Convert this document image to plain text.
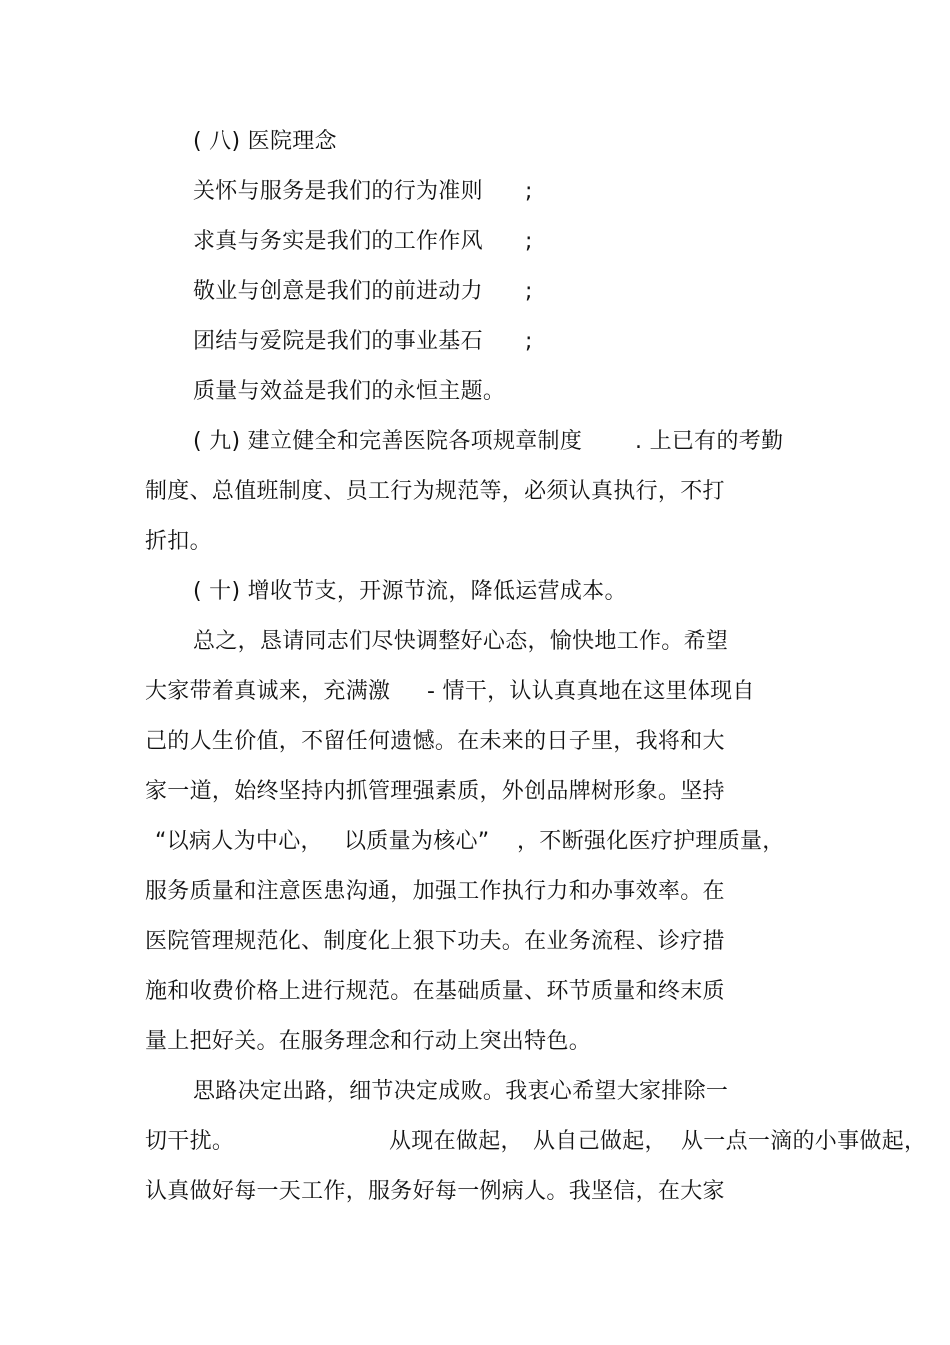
( 八) 医院理念

关怀与服务是我们的行为准则

;

求真与务实是我们的工作作风

;

敬业与创意是我们的前进动力

;

团结与爱院是我们的事业基石

;

质量与效益是我们的永恒主题。

( 九) 建立健全和完善医院各项规章制度

. 上已有的考勤

制度、总值班制度、员工行为规范等，必须认真执行，不打

折扣。

( 十) 增收节支，开源节流，降低运营成本。

总之，恳请同志们尽快调整好心态，愉快地工作。希望

大家带着真诚来，充满激

- 情干，认认真真地在这里体现自

己的人生价值，不留任何遗憾。在未来的日子里，我将和大

家一道，始终坚持内抓管理强素质，外创品牌树形象。坚持

“以病人为中心，

以质量为核心”

，不断强化医疗护理质量，

服务质量和注意医患沟通，加强工作执行力和办事效率。在

医院管理规范化、制度化上狠下功夫。在业务流程、诊疗措

施和收费价格上进行规范。在基础质量、环节质量和终末质

量上把好关。在服务理念和行动上突出特色。

思路决定出路，细节决定成败。我衷心希望大家排除一

切干扰。

	从现在做起，

从自己做起，

从一点一滴的小事做起，

认真做好每一天工作，服务好每一例病人。我坚信，在大家
